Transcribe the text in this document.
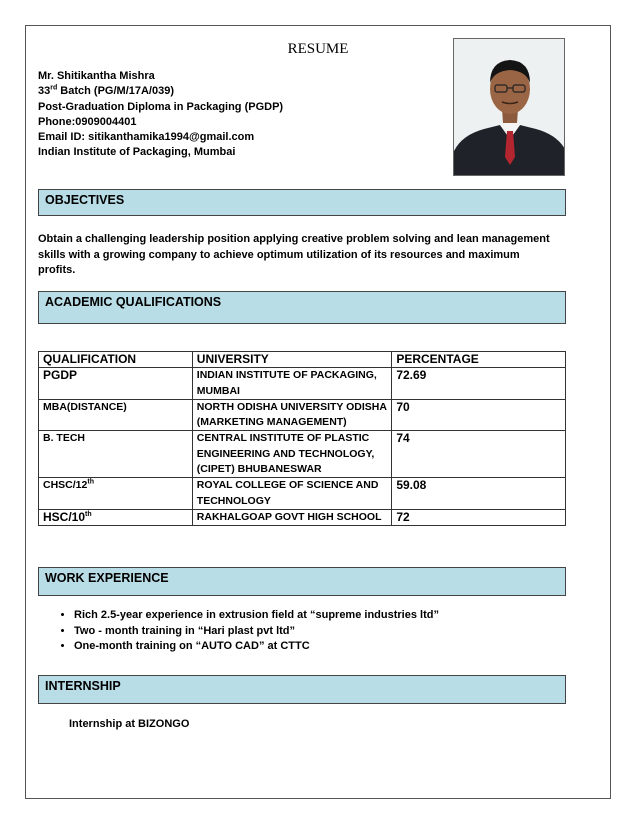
RESUME
Mr. Shitikantha Mishra
33rd Batch (PG/M/17A/039)
Post-Graduation Diploma in Packaging (PGDP)
Phone:0909004401
Email ID: sitikanthamika1994@gmail.com
Indian Institute of Packaging, Mumbai
OBJECTIVES
Obtain a challenging leadership position applying creative problem solving and lean management skills with a growing company to achieve optimum utilization of its resources and maximum profits.
ACADEMIC QUALIFICATIONS
QUALIFICATION	UNIVERSITY	PERCENTAGE
PGDP	INDIAN INSTITUTE OF PACKAGING, MUMBAI	72.69
MBA(DISTANCE)	NORTH ODISHA UNIVERSITY ODISHA (MARKETING MANAGEMENT)	70
B. TECH	CENTRAL INSTITUTE OF PLASTIC ENGINEERING AND TECHNOLOGY, (CIPET) BHUBANESWAR	74
CHSC/12th	ROYAL COLLEGE OF SCIENCE AND TECHNOLOGY	59.08
HSC/10th	RAKHALGOAP GOVT HIGH SCHOOL	72
WORK EXPERIENCE
• Rich 2.5-year experience in extrusion field at “supreme industries ltd”
• Two - month training in “Hari plast pvt ltd”
• One-month training on “AUTO CAD” at CTTC
INTERNSHIP
Internship at BIZONGO
